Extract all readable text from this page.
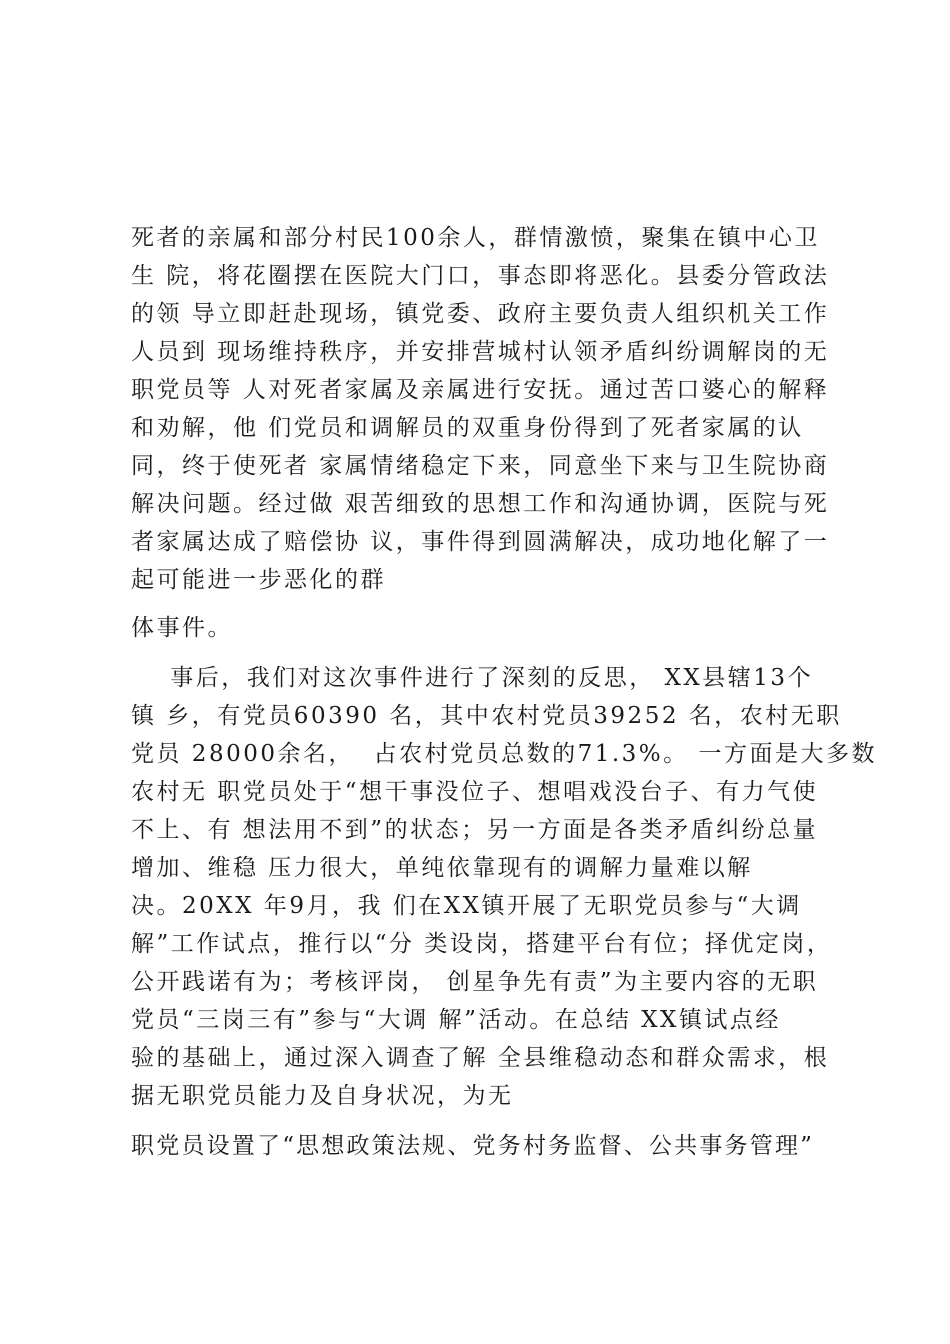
死者的亲属和部分村民100余人，群情激愤，聚集在镇中心卫
生 院，将花圈摆在医院大门口，事态即将恶化。县委分管政法
的领 导立即赶赴现场，镇党委、政府主要负责人组织机关工作
人员到 现场维持秩序，并安排营城村认领矛盾纠纷调解岗的无
职党员等 人对死者家属及亲属进行安抚。通过苦口婆心的解释
和劝解，他 们党员和调解员的双重身份得到了死者家属的认
同，终于使死者 家属情绪稳定下来，同意坐下来与卫生院协商
解决问题。经过做 艰苦细致的思想工作和沟通协调，医院与死
者家属达成了赔偿协 议，事件得到圆满解决，成功地化解了一
起可能进一步恶化的群
体事件。
事后，我们对这次事件进行了深刻的反思， XX县辖13个
镇 乡，有党员60390 名，其中农村党员39252 名，农村无职
党员 28000余名，  占农村党员总数的71.3%。 一方面是大多数
农村无 职党员处于“想干事没位子、想唱戏没台子、有力气使
不上、有 想法用不到”的状态；另一方面是各类矛盾纠纷总量
增加、维稳 压力很大，单纯依靠现有的调解力量难以解
决。20XX 年9月，我 们在XX镇开展了无职党员参与“大调
解”工作试点，推行以“分 类设岗，搭建平台有位；择优定岗，
公开践诺有为；考核评岗， 创星争先有责”为主要内容的无职
党员“三岗三有”参与“大调 解”活动。在总结 XX镇试点经
验的基础上，通过深入调查了解 全县维稳动态和群众需求，根
据无职党员能力及自身状况，为无
职党员设置了“思想政策法规、党务村务监督、公共事务管理”
